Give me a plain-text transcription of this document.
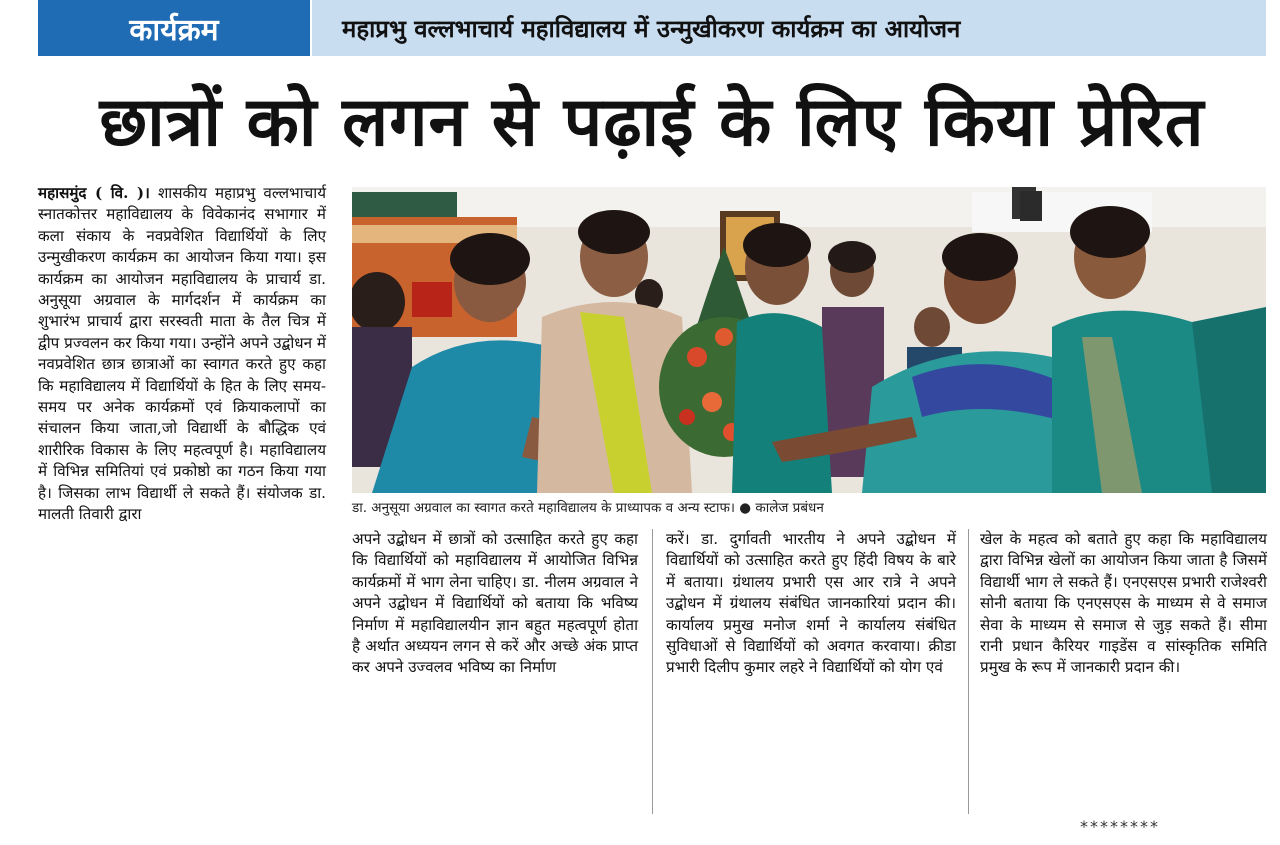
कार्यक्रम	महाप्रभु वल्लभाचार्य महाविद्यालय में उन्मुखीकरण कार्यक्रम का आयोजन
छात्रों को लगन से पढ़ाई के लिए किया प्रेरित
महासमुंद ( वि. )। शासकीय महाप्रभु वल्लभाचार्य स्नातकोत्तर महाविद्यालय के विवेकानंद सभागार में कला संकाय के नवप्रवेशित विद्यार्थियों के लिए उन्मुखीकरण कार्यक्रम का आयोजन किया गया। इस कार्यक्रम का आयोजन महाविद्यालय के प्राचार्य डा. अनुसूया अग्रवाल के मार्गदर्शन में कार्यक्रम का शुभारंभ प्राचार्य द्वारा सरस्वती माता के तैल चित्र में द्वीप प्रज्वलन कर किया गया। उन्होंने अपने उद्बोधन में नवप्रवेशित छात्र छात्राओं का स्वागत करते हुए कहा कि महाविद्यालय में विद्यार्थियों के हित के लिए समय-समय पर अनेक कार्यक्रमों एवं क्रियाकलापों का संचालन किया जाता,जो विद्यार्थी के बौद्धिक एवं शारीरिक विकास के लिए महत्वपूर्ण है। महाविद्यालय में विभिन्न समितियां एवं प्रकोष्ठो का गठन किया गया है। जिसका लाभ विद्यार्थी ले सकते हैं। संयोजक डा. मालती तिवारी द्वारा	डा. अनुसूया अग्रवाल का स्वागत करते महाविद्यालय के प्राध्यापक व अन्य स्टाफ। ● कालेज प्रबंधन
अपने उद्बोधन में छात्रों को उत्साहित करते हुए कहा कि विद्यार्थियों को महाविद्यालय में आयोजित विभिन्न कार्यक्रमों में भाग लेना चाहिए। डा. नीलम अग्रवाल ने अपने उद्बोधन में विद्यार्थियों को बताया कि भविष्य निर्माण में महाविद्यालयीन ज्ञान बहुत महत्वपूर्ण होता है अर्थात अध्ययन लगन से करें और अच्छे अंक प्राप्त कर अपने उज्वलव भविष्य का निर्माण
करें। डा. दुर्गावती भारतीय ने अपने उद्बोधन में विद्यार्थियों को उत्साहित करते हुए हिंदी विषय के बारे में बताया। ग्रंथालय प्रभारी एस आर रात्रे ने अपने उद्बोधन में ग्रंथालय संबंधित जानकारियां प्रदान की। कार्यालय प्रमुख मनोज शर्मा ने कार्यालय संबंधित सुविधाओं से विद्यार्थियों को अवगत करवाया। क्रीडा प्रभारी दिलीप कुमार लहरे ने विद्यार्थियों को योग एवं
खेल के महत्व को बताते हुए कहा कि महाविद्यालय द्वारा विभिन्न खेलों का आयोजन किया जाता है जिसमें विद्यार्थी भाग ले सकते हैं। एनएसएस प्रभारी राजेश्वरी सोनी बताया कि एनएसएस के माध्यम से वे समाज सेवा के माध्यम से समाज से जुड़ सकते हैं। सीमा रानी प्रधान कैरियर गाइडेंस व सांस्कृतिक समिति प्रमुख के रूप में जानकारी प्रदान की।
********
